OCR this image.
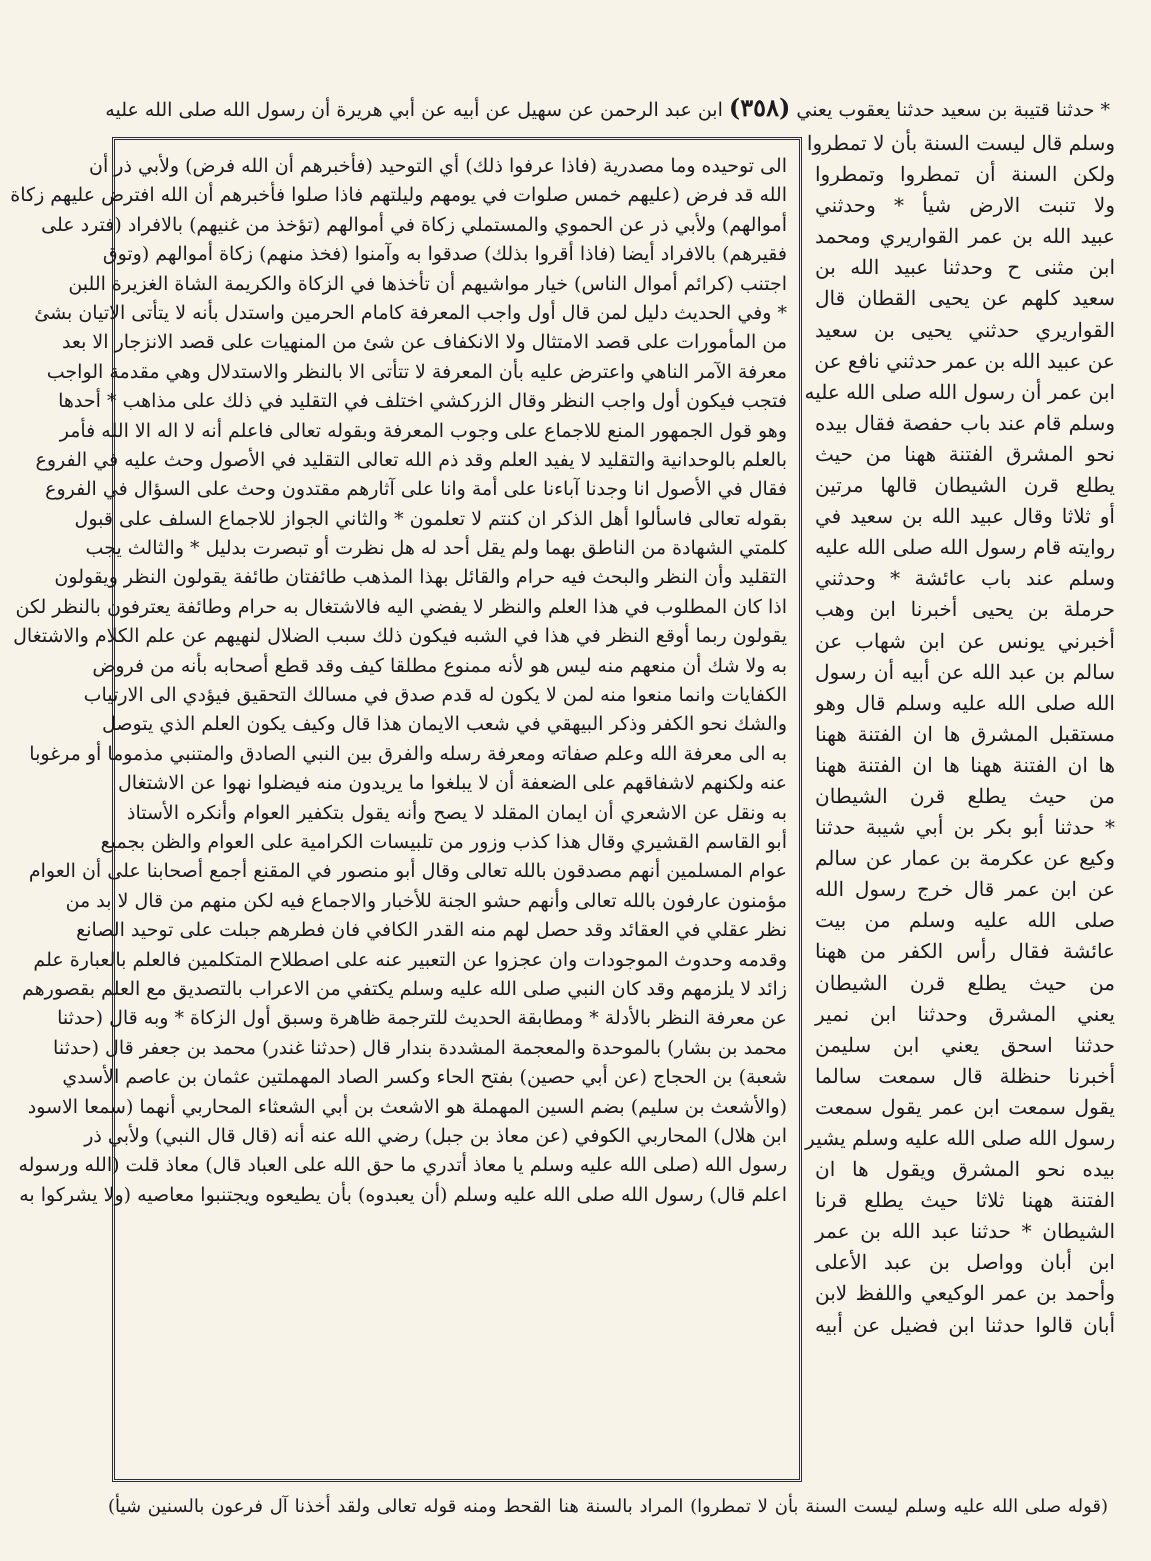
* حدثنا قتيبة بن سعيد حدثنا يعقوب يعني (٣٥٨) ابن عبد الرحمن عن سهيل عن أبيه عن أبي هريرة أن رسول الله صلى الله عليه
الى توحيده وما مصدرية (فاذا عرفوا ذلك) أي التوحيد (فأخبرهم أن الله فرض) ولأبي ذر أن
الله قد فرض (عليهم خمس صلوات في يومهم وليلتهم فاذا صلوا فأخبرهم أن الله افترض عليهم زكاة
أموالهم) ولأبي ذر عن الحموي والمستملي زكاة في أموالهم (تؤخذ من غنيهم) بالافراد (فترد على
فقيرهم) بالافراد أيضا (فاذا أقروا بذلك) صدقوا به وآمنوا (فخذ منهم) زكاة أموالهم (وتوق
اجتنب (كرائم أموال الناس) خيار مواشيهم أن تأخذها في الزكاة والكريمة الشاة الغزيرة اللبن
* وفي الحديث دليل لمن قال أول واجب المعرفة كامام الحرمين واستدل بأنه لا يتأتى الاتيان بشئ
من المأمورات على قصد الامتثال ولا الانكفاف عن شئ من المنهيات على قصد الانزجار الا بعد
معرفة الآمر الناهي واعترض عليه بأن المعرفة لا تتأتى الا بالنظر والاستدلال وهي مقدمة الواجب
فتجب فيكون أول واجب النظر وقال الزركشي اختلف في التقليد في ذلك على مذاهب * أحدها
وهو قول الجمهور المنع للاجماع على وجوب المعرفة وبقوله تعالى فاعلم أنه لا اله الا الله فأمر
بالعلم بالوحدانية والتقليد لا يفيد العلم وقد ذم الله تعالى التقليد في الأصول وحث عليه في الفروع
فقال في الأصول انا وجدنا آباءنا على أمة وانا على آثارهم مقتدون وحث على السؤال في الفروع
بقوله تعالى فاسألوا أهل الذكر ان كنتم لا تعلمون * والثاني الجواز للاجماع السلف على قبول
كلمتي الشهادة من الناطق بهما ولم يقل أحد له هل نظرت أو تبصرت بدليل * والثالث يجب
التقليد وأن النظر والبحث فيه حرام والقائل بهذا المذهب طائفتان طائفة يقولون النظر ويقولون
اذا كان المطلوب في هذا العلم والنظر لا يفضي اليه فالاشتغال به حرام وطائفة يعترفون بالنظر لكن
يقولون ربما أوقع النظر في هذا في الشبه فيكون ذلك سبب الضلال لنهيهم عن علم الكلام والاشتغال
به ولا شك أن منعهم منه ليس هو لأنه ممنوع مطلقا كيف وقد قطع أصحابه بأنه من فروض
الكفايات وانما منعوا منه لمن لا يكون له قدم صدق في مسالك التحقيق فيؤدي الى الارتياب
والشك نحو الكفر وذكر البيهقي في شعب الايمان هذا قال وكيف يكون العلم الذي يتوصل
به الى معرفة الله وعلم صفاته ومعرفة رسله والفرق بين النبي الصادق والمتنبي مذموما أو مرغوبا
عنه ولكنهم لاشفاقهم على الضعفة أن لا يبلغوا ما يريدون منه فيضلوا نهوا عن الاشتغال
به ونقل عن الاشعري أن ايمان المقلد لا يصح وأنه يقول بتكفير العوام وأنكره الأستاذ
أبو القاسم القشيري وقال هذا كذب وزور من تلبيسات الكرامية على العوام والظن بجميع
عوام المسلمين أنهم مصدقون بالله تعالى وقال أبو منصور في المقنع أجمع أصحابنا على أن العوام
مؤمنون عارفون بالله تعالى وأنهم حشو الجنة للأخبار والاجماع فيه لكن منهم من قال لا بد من
نظر عقلي في العقائد وقد حصل لهم منه القدر الكافي فان فطرهم جبلت على توحيد الصانع
وقدمه وحدوث الموجودات وان عجزوا عن التعبير عنه على اصطلاح المتكلمين فالعلم بالعبارة علم
زائد لا يلزمهم وقد كان النبي صلى الله عليه وسلم يكتفي من الاعراب بالتصديق مع العلم بقصورهم
عن معرفة النظر بالأدلة * ومطابقة الحديث للترجمة ظاهرة وسبق أول الزكاة * وبه قال (حدثنا
محمد بن بشار) بالموحدة والمعجمة المشددة بندار قال (حدثنا غندر) محمد بن جعفر قال (حدثنا
شعبة) بن الحجاج (عن أبي حصين) بفتح الحاء وكسر الصاد المهملتين عثمان بن عاصم الأسدي
(والأشعث بن سليم) بضم السين المهملة هو الاشعث بن أبي الشعثاء المحاربي أنهما (سمعا الاسود
ابن هلال) المحاربي الكوفي (عن معاذ بن جبل) رضي الله عنه أنه (قال قال النبي) ولأبي ذر
رسول الله (صلى الله عليه وسلم يا معاذ أتدري ما حق الله على العباد قال) معاذ قلت (الله ورسوله
اعلم قال) رسول الله صلى الله عليه وسلم (أن يعبدوه) بأن يطيعوه ويجتنبوا معاصيه (ولا يشركوا به
وسلم قال ليست السنة بأن لا تمطروا
ولكن السنة أن تمطروا وتمطروا
ولا تنبت الارض شيأ * وحدثني
عبيد الله بن عمر القواريري ومحمد
ابن مثنى ح وحدثنا عبيد الله بن
سعيد كلهم عن يحيى القطان قال
القواريري حدثني يحيى بن سعيد
عن عبيد الله بن عمر حدثني نافع عن
ابن عمر أن رسول الله صلى الله عليه
وسلم قام عند باب حفصة فقال بيده
نحو المشرق الفتنة ههنا من حيث
يطلع قرن الشيطان قالها مرتين
أو ثلاثا وقال عبيد الله بن سعيد في
روايته قام رسول الله صلى الله عليه
وسلم عند باب عائشة * وحدثني
حرملة بن يحيى أخبرنا ابن وهب
أخبرني يونس عن ابن شهاب عن
سالم بن عبد الله عن أبيه أن رسول
الله صلى الله عليه وسلم قال وهو
مستقبل المشرق ها ان الفتنة ههنا
ها ان الفتنة ههنا ها ان الفتنة ههنا
من حيث يطلع قرن الشيطان
* حدثنا أبو بكر بن أبي شيبة حدثنا
وكيع عن عكرمة بن عمار عن سالم
عن ابن عمر قال خرج رسول الله
صلى الله عليه وسلم من بيت
عائشة فقال رأس الكفر من ههنا
من حيث يطلع قرن الشيطان
يعني المشرق وحدثنا ابن نمير
حدثنا اسحق يعني ابن سليمن
أخبرنا حنظلة قال سمعت سالما
يقول سمعت ابن عمر يقول سمعت
رسول الله صلى الله عليه وسلم يشير
بيده نحو المشرق ويقول ها ان
الفتنة ههنا ثلاثا حيث يطلع قرنا
الشيطان * حدثنا عبد الله بن عمر
ابن أبان وواصل بن عبد الأعلى
وأحمد بن عمر الوكيعي واللفظ لابن
أبان قالوا حدثنا ابن فضيل عن أبيه
(قوله صلى الله عليه وسلم ليست السنة بأن لا تمطروا) المراد بالسنة هنا القحط ومنه قوله تعالى ولقد أخذنا آل فرعون بالسنين شيأ)
